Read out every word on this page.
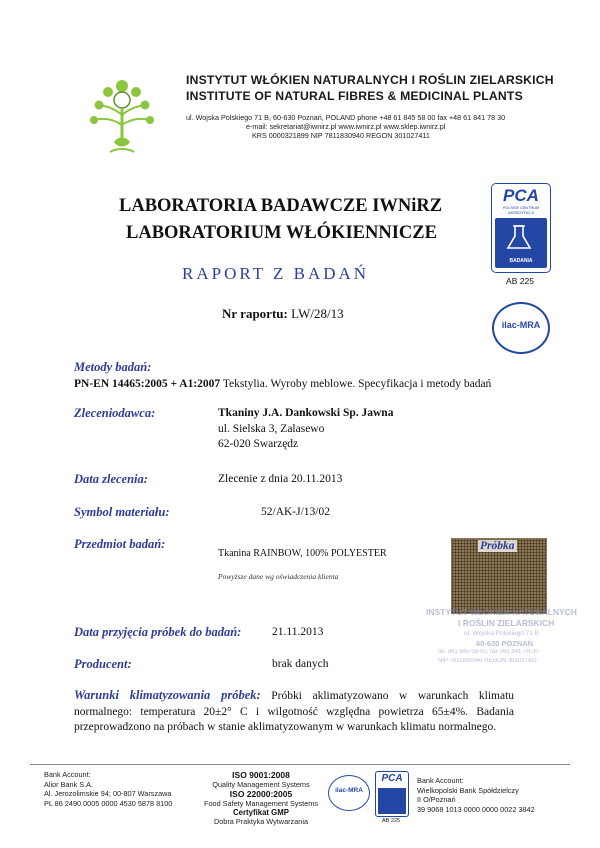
INSTYTUT WŁÓKIEN NATURALNYCH I ROŚLIN ZIELARSKICH
INSTITUTE OF NATURAL FIBRES & MEDICINAL PLANTS
ul. Wojska Polskiego 71 B, 60-630 Poznań, POLAND phone +48 61 845 58 00 fax +48 61 841 78 30
e-mail: sekretariat@iwnirz.pl www.iwnirz.pl www.sklep.iwnirz.pl
KRS 0000321899 NIP 7811830940 REGON 301027411
LABORATORIA BADAWCZE IWNiRZ
LABORATORIUM WŁÓKIENNICZE
RAPORT Z BADAŃ
Nr raportu: LW/28/13
PCA
POLSKIE CENTRUM
AKREDYTACJI
BADANIA
AB 225
ilac-MRA
Metody badań:
PN-EN 14465:2005 + A1:2007 Tekstylia. Wyroby meblowe. Specyfikacja i metody badań
Zleceniodawca:	Tkaniny J.A. Dankowski Sp. Jawna
ul. Sielska 3, Zalasewo
62-020 Swarzędz
Data zlecenia:	Zlecenie z dnia 20.11.2013
Symbol materiału:	52/AK-J/13/02
Przedmiot badań:
Tkanina RAINBOW, 100% POLYESTER
Powyższe dane wg oświadczenia klienta
Próbka
INSTYTUT WŁÓKIEN NATURALNYCH
I ROŚLIN ZIELARSKICH
ul. Wojska Polskiego 71 B
60-630 POZNAŃ
tel. 061 845-58-00, fax 061 841-78-30
NIP 7811830940 REGON 301027411
Data przyjęcia próbek do badań:	21.11.2013
Producent:	brak danych
Warunki klimatyzowania próbek: Próbki aklimatyzowano w warunkach klimatu normalnego: temperatura 20±2° C i wilgotność względna powietrza 65±4%. Badania przeprowadzono na próbach w stanie aklimatyzowanym w warunkach klimatu normalnego.
Bank Account:
Alior Bank S.A.
Al. Jerozolimskie 94; 00-807 Warszawa
PL 86 2490 0005 0000 4530 5878 8100
ISO 9001:2008
Quality Management Systems
ISO 22000:2005
Food Safety Management Systems
Certyfikat GMP
Dobra Praktyka Wytwarzania
ilac-MRA
PCA
AB 225
Bank Account:
Wielkopolski Bank Spółdzielczy
II O/Poznań
39 9068 1013 0000 0000 0022 3842
